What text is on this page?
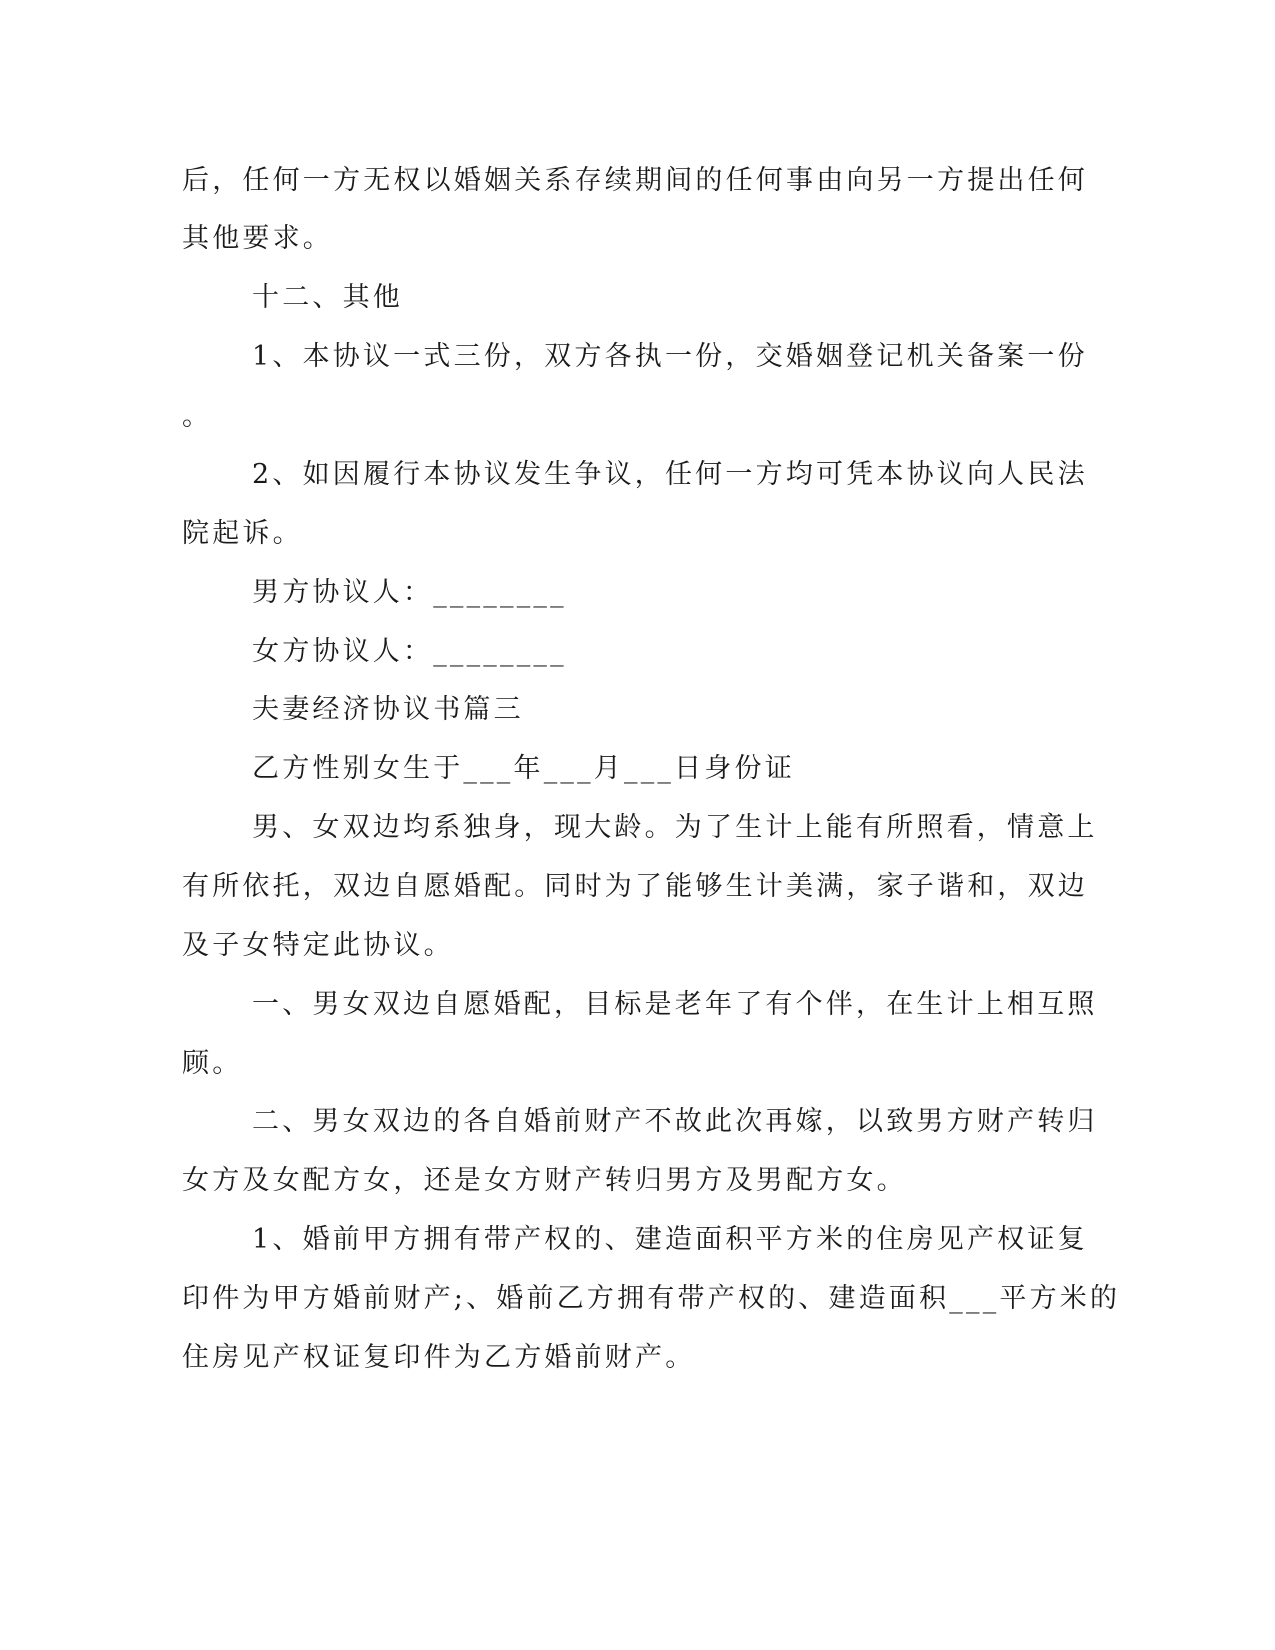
后，任何一方无权以婚姻关系存续期间的任何事由向另一方提出任何
其他要求。
十二、其他
1、本协议一式三份，双方各执一份，交婚姻登记机关备案一份
。
2、如因履行本协议发生争议，任何一方均可凭本协议向人民法
院起诉。
男方协议人：________
女方协议人：________
夫妻经济协议书篇三
乙方性别女生于___年___月___日身份证
男、女双边均系独身，现大龄。为了生计上能有所照看，情意上
有所依托，双边自愿婚配。同时为了能够生计美满，家子谐和，双边
及子女特定此协议。
一、男女双边自愿婚配，目标是老年了有个伴，在生计上相互照
顾。
二、男女双边的各自婚前财产不故此次再嫁，以致男方财产转归
女方及女配方女，还是女方财产转归男方及男配方女。
1、婚前甲方拥有带产权的、建造面积平方米的住房见产权证复
印件为甲方婚前财产;、婚前乙方拥有带产权的、建造面积___平方米的
住房见产权证复印件为乙方婚前财产。
